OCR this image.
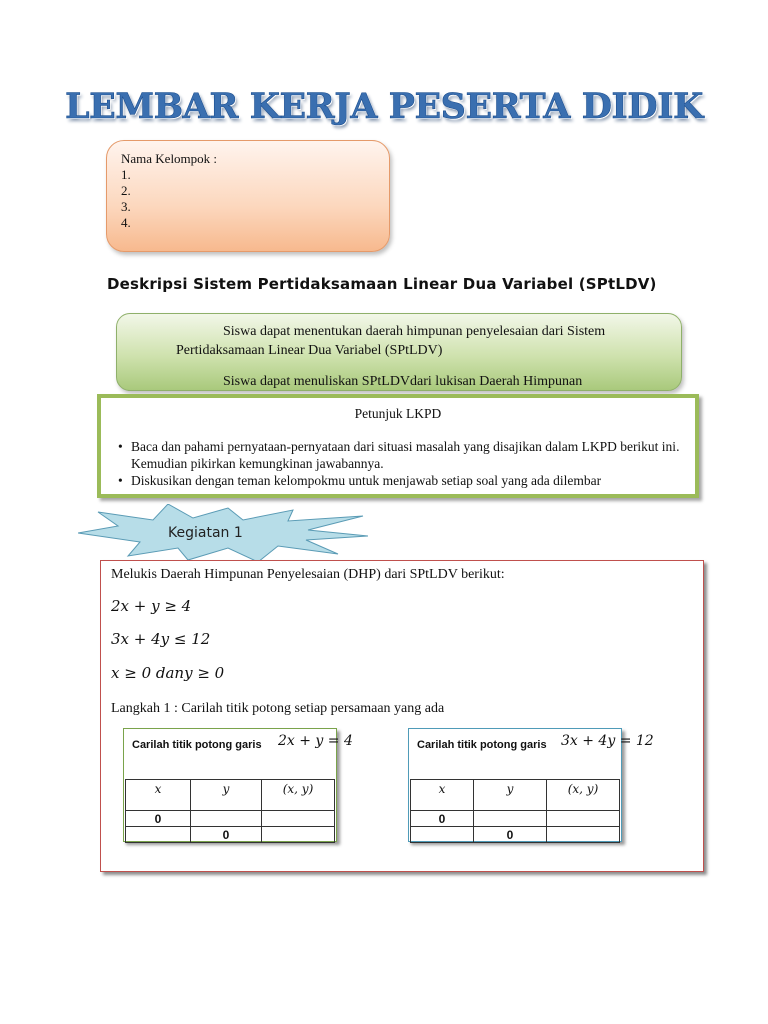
LEMBAR KERJA PESERTA DIDIK
Nama Kelompok :
1.
2.
3.
4.
Deskripsi Sistem Pertidaksamaan Linear Dua Variabel (SPtLDV)
Siswa dapat menentukan daerah himpunan penyelesaian dari Sistem
Pertidaksamaan Linear Dua Variabel (SPtLDV)
Siswa dapat menuliskan SPtLDVdari lukisan Daerah Himpunan
Petunjuk LKPD
• Baca dan pahami pernyataan-pernyataan dari situasi masalah yang disajikan dalam LKPD berikut ini. Kemudian pikirkan kemungkinan jawabannya.
• Diskusikan dengan teman kelompokmu untuk menjawab setiap soal yang ada dilembar
Kegiatan 1
Melukis Daerah Himpunan Penyelesaian (DHP) dari SPtLDV berikut:
2x + y ≥ 4
3x + 4y ≤ 12
x ≥ 0 dany ≥ 0
Langkah 1 : Carilah titik potong setiap persamaan yang ada
Carilah titik potong garis 2x + y = 4
x	y	(x, y)
0		
	0	
Carilah titik potong garis 3x + 4y = 12
x	y	(x, y)
0		
	0	
